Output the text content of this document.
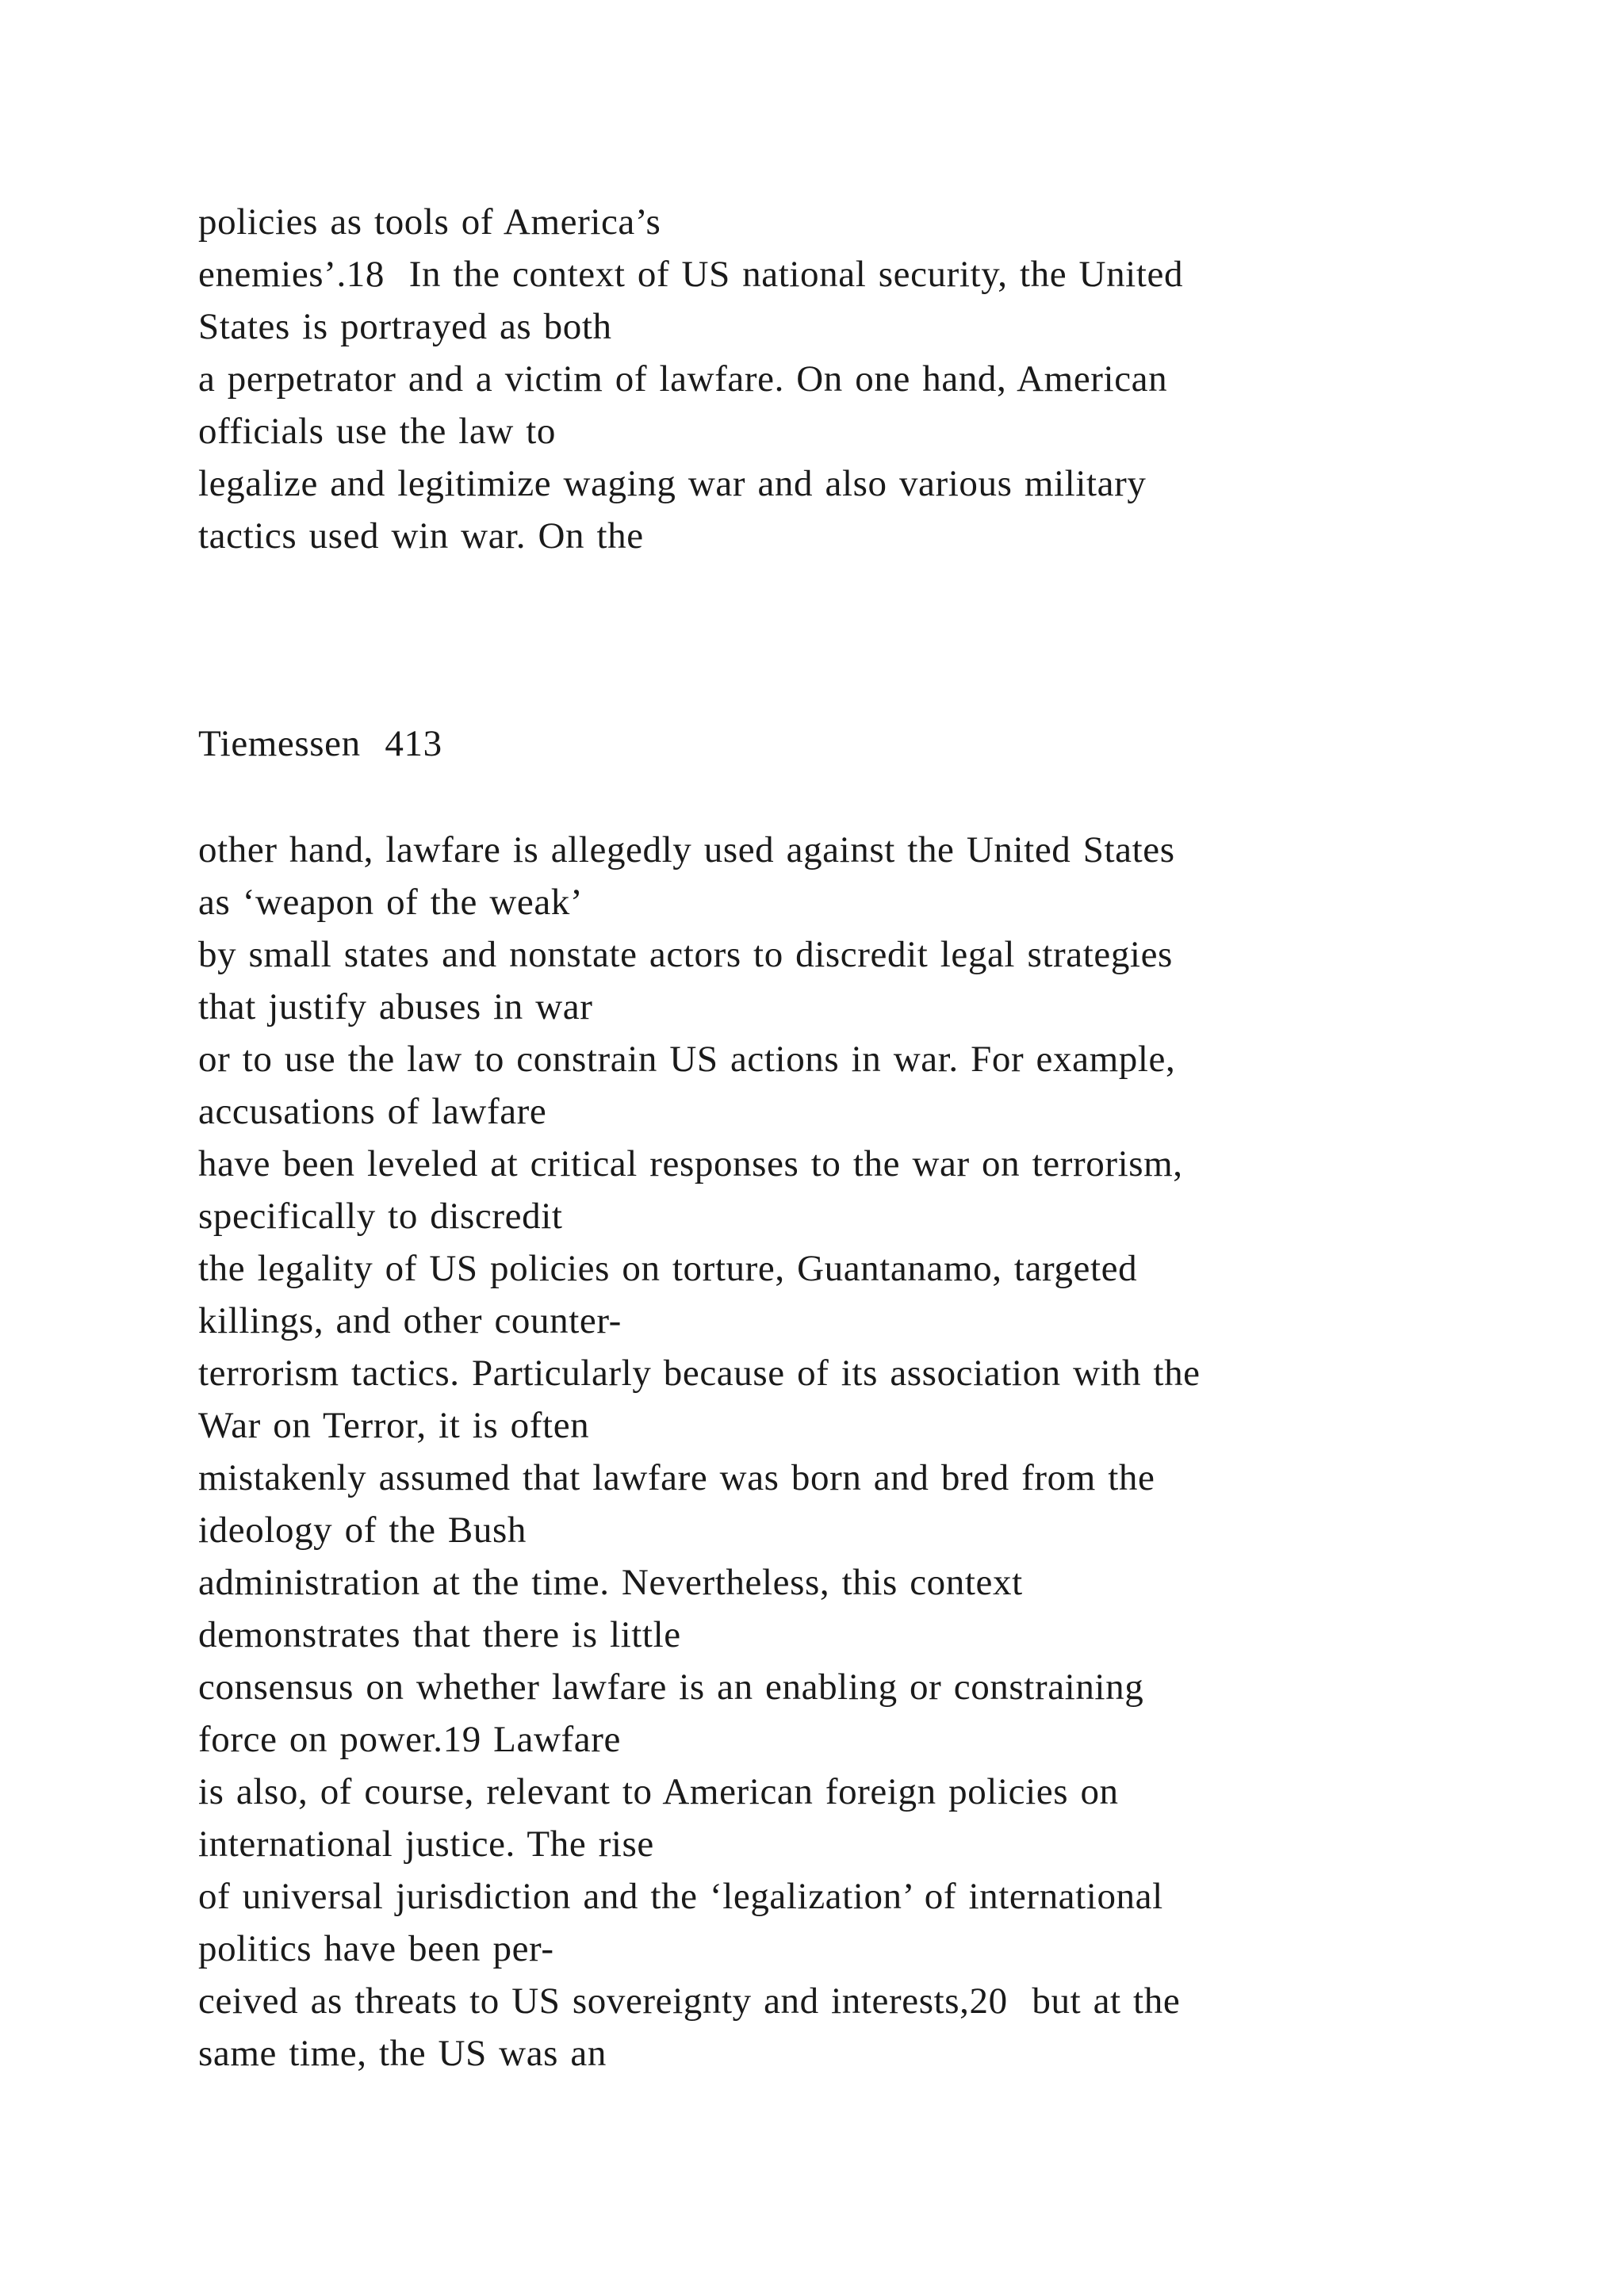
policies as tools of America’s

enemies’.18  In the context of US national security, the United

States is portrayed as both

a perpetrator and a victim of lawfare. On one hand, American

officials use the law to

legalize and legitimize waging war and also various military

tactics used win war. On the

Tiemessen  413

other hand, lawfare is allegedly used against the United States

as ‘weapon of the weak’

by small states and nonstate actors to discredit legal strategies

that justify abuses in war

or to use the law to constrain US actions in war. For example,

accusations of lawfare

have been leveled at critical responses to the war on terrorism,

specifically to discredit

the legality of US policies on torture, Guantanamo, targeted

killings, and other counter-

terrorism tactics. Particularly because of its association with the

War on Terror, it is often

mistakenly assumed that lawfare was born and bred from the

ideology of the Bush

administration at the time. Nevertheless, this context

demonstrates that there is little

consensus on whether lawfare is an enabling or constraining

force on power.19 Lawfare

is also, of course, relevant to American foreign policies on

international justice. The rise

of universal jurisdiction and the ‘legalization’ of international

politics have been per-

ceived as threats to US sovereignty and interests,20  but at the

same time, the US was an
